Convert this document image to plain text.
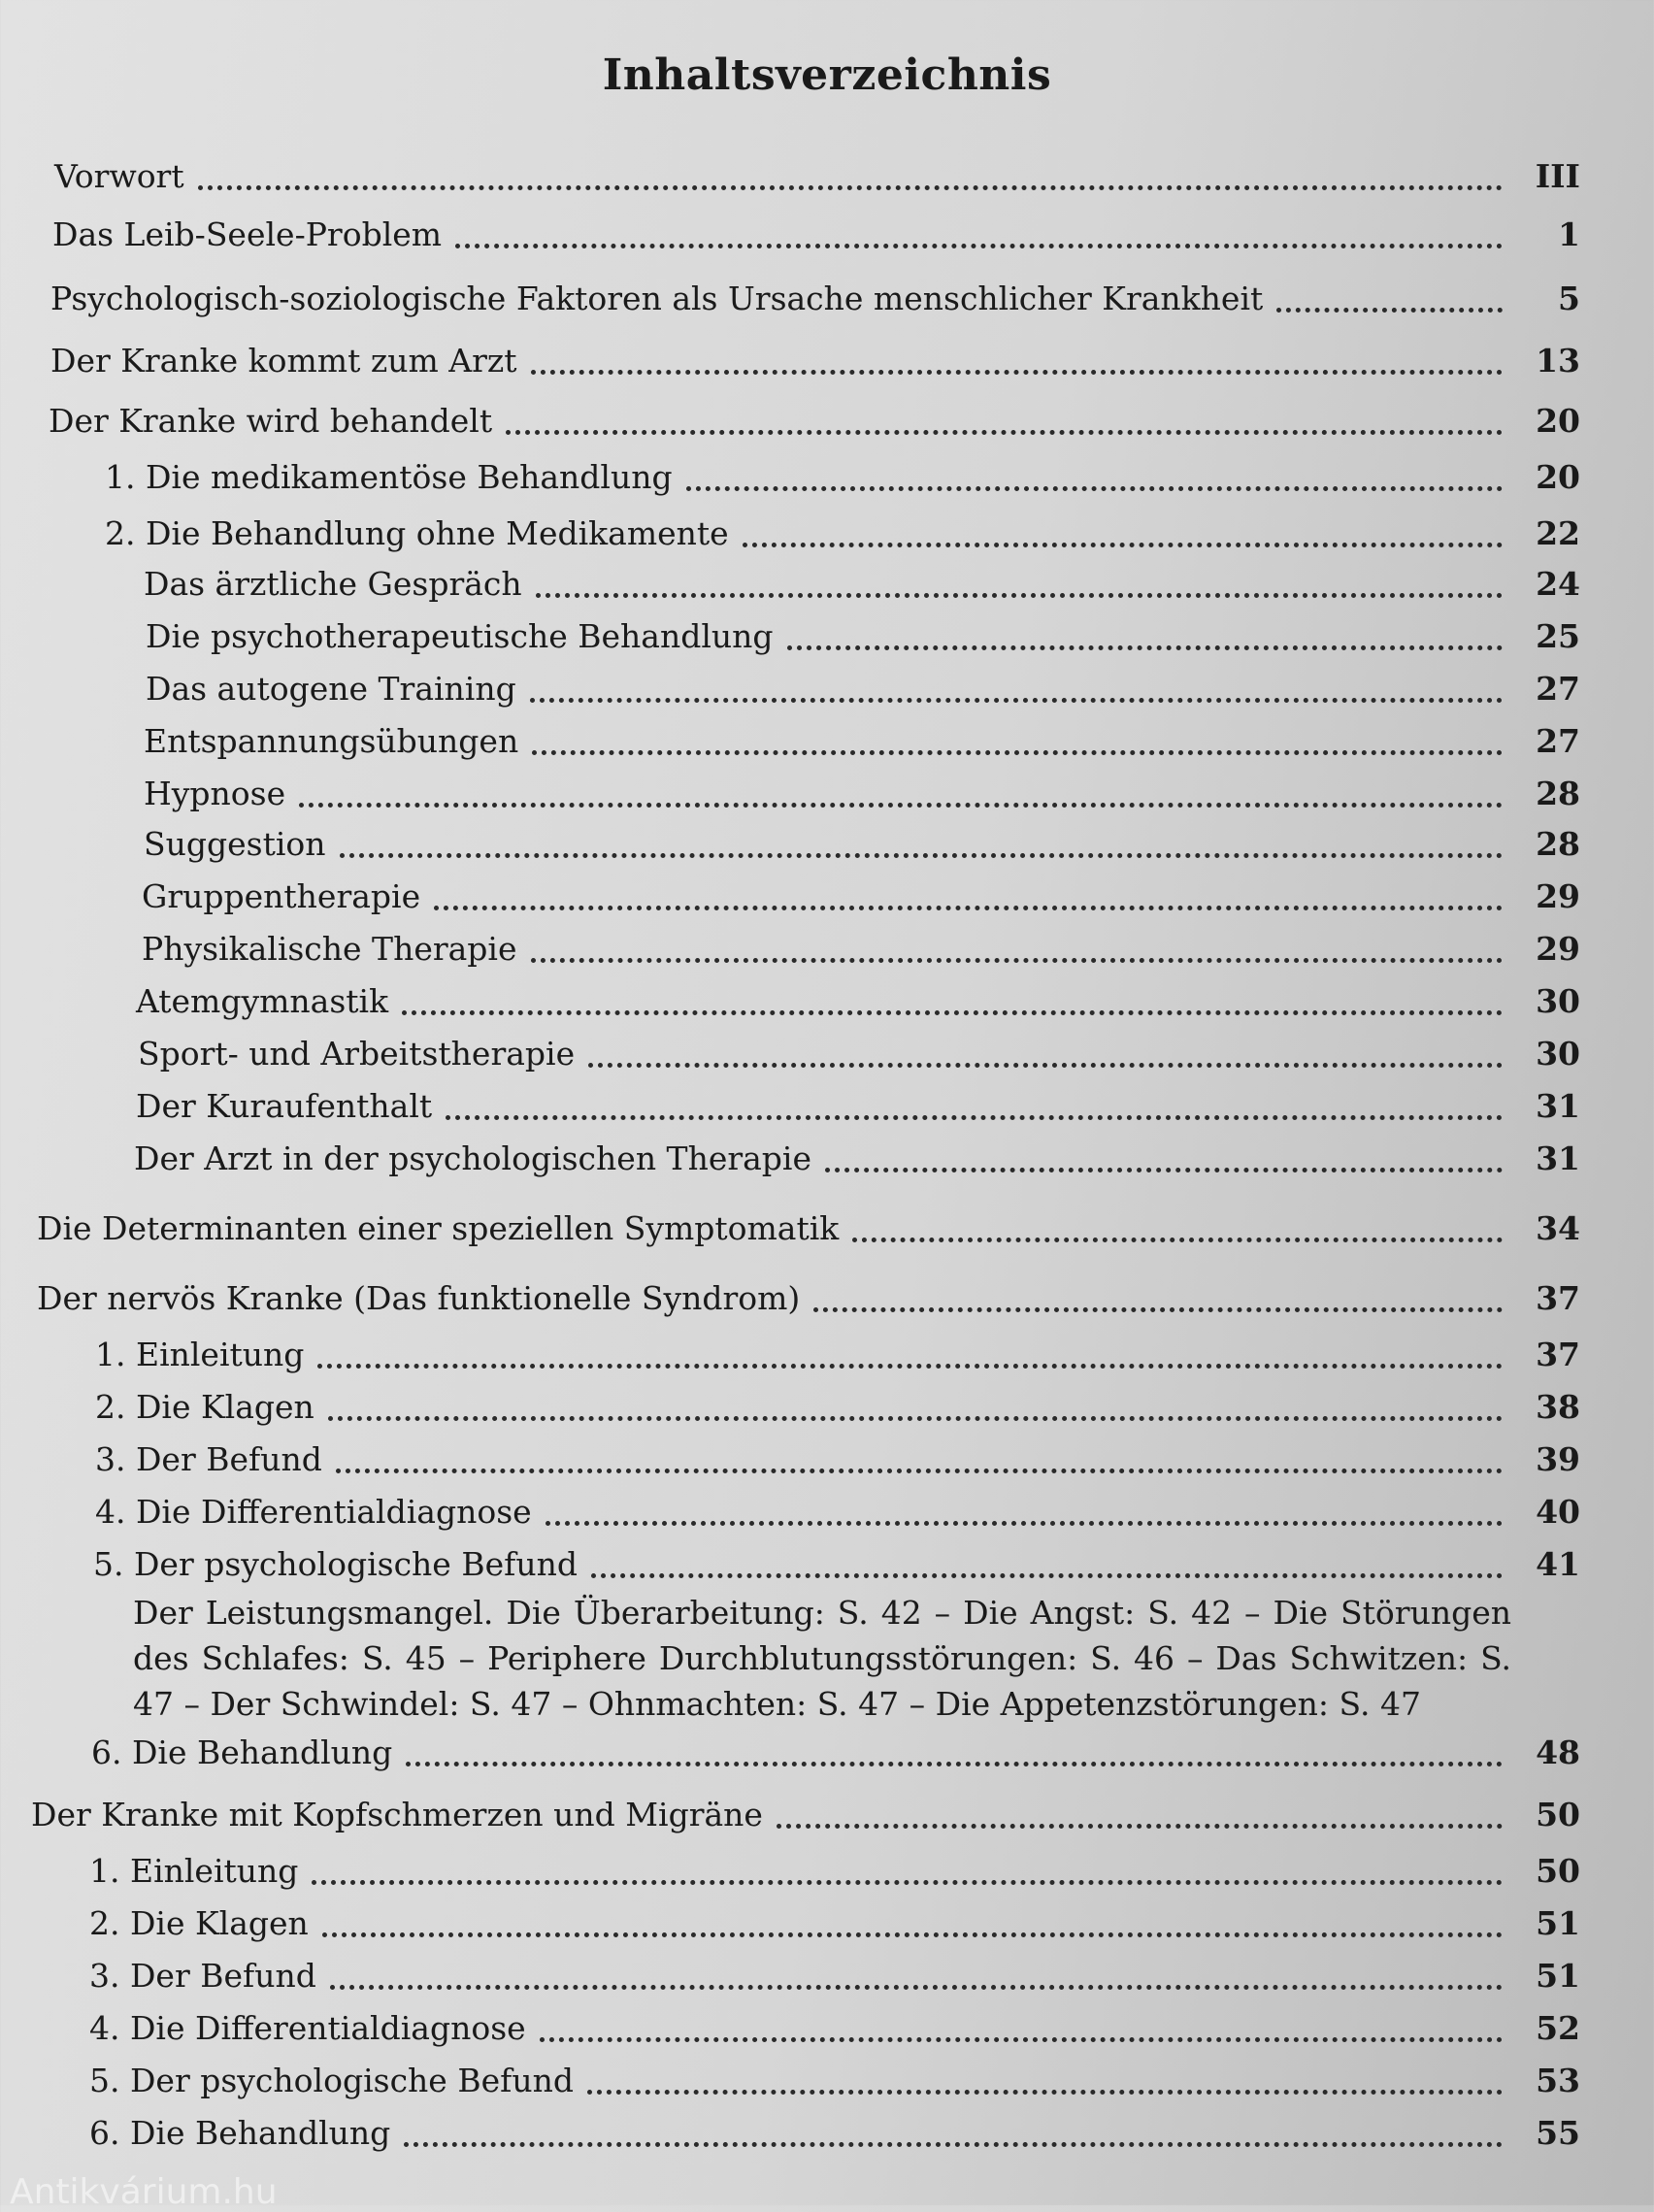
Inhaltsverzeichnis
Vorwort	III
Das Leib-Seele-Problem	1
Psychologisch-soziologische Faktoren als Ursache menschlicher Krankheit	5
Der Kranke kommt zum Arzt	13
Der Kranke wird behandelt	20
1. Die medikamentöse Behandlung	20
2. Die Behandlung ohne Medikamente	22
Das ärztliche Gespräch	24
Die psychotherapeutische Behandlung	25
Das autogene Training	27
Entspannungsübungen	27
Hypnose	28
Suggestion	28
Gruppentherapie	29
Physikalische Therapie	29
Atemgymnastik	30
Sport- und Arbeitstherapie	30
Der Kuraufenthalt	31
Der Arzt in der psychologischen Therapie	31
Die Determinanten einer speziellen Symptomatik	34
Der nervös Kranke (Das funktionelle Syndrom)	37
1. Einleitung	37
2. Die Klagen	38
3. Der Befund	39
4. Die Differentialdiagnose	40
5. Der psychologische Befund	41
Der Leistungsmangel. Die Überarbeitung: S. 42 – Die Angst: S. 42 – Die Störungen des Schlafes: S. 45 – Periphere Durchblutungsstörungen: S. 46 – Das Schwitzen: S. 47 – Der Schwindel: S. 47 – Ohnmachten: S. 47 – Die Appetenzstörungen: S. 47
6. Die Behandlung	48
Der Kranke mit Kopfschmerzen und Migräne	50
1. Einleitung	50
2. Die Klagen	51
3. Der Befund	51
4. Die Differentialdiagnose	52
5. Der psychologische Befund	53
6. Die Behandlung	55
Antikvárium.hu
